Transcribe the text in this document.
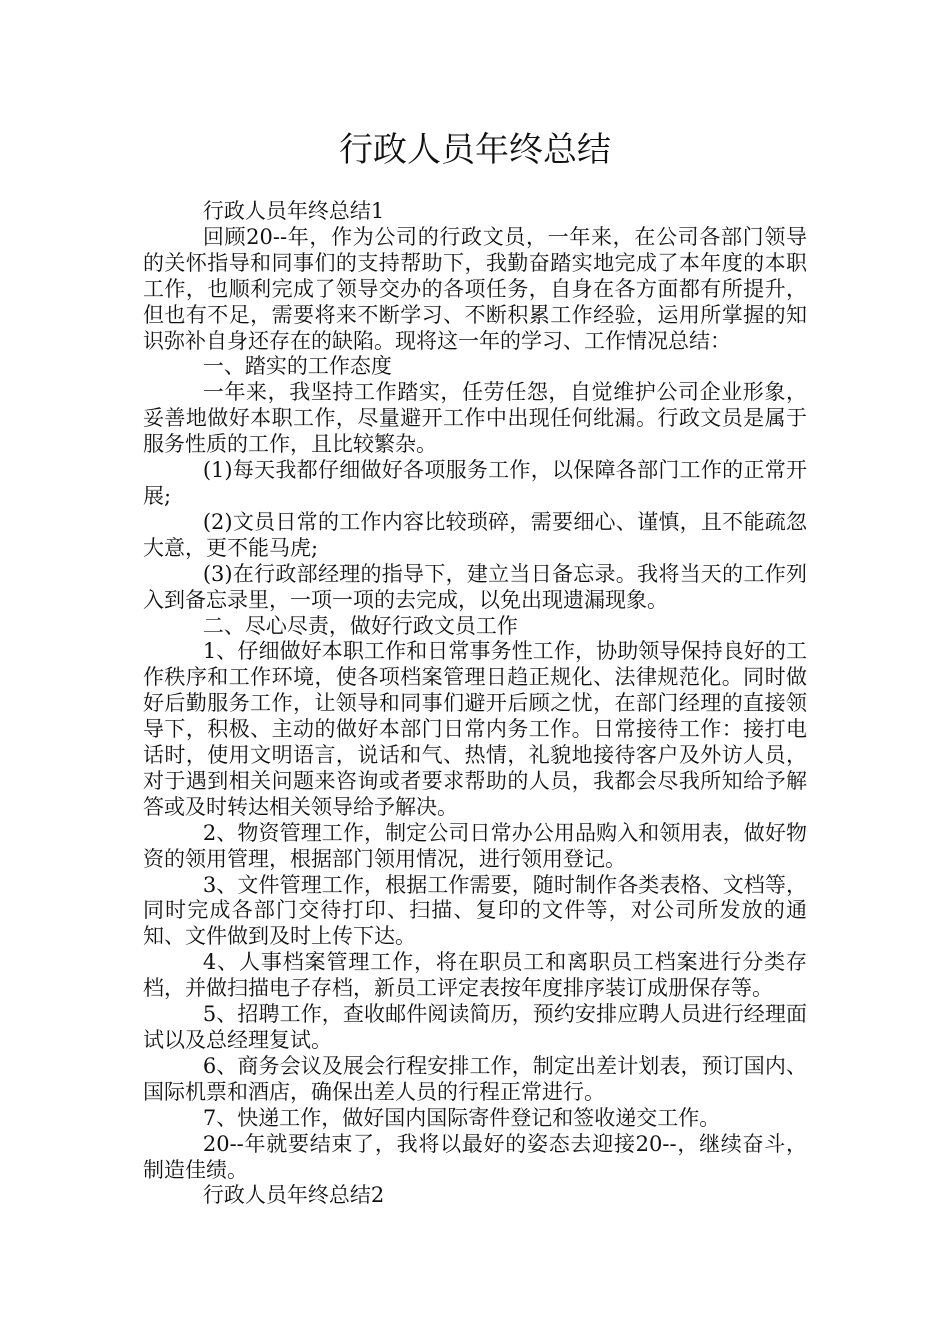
行政人员年终总结

行政人员年终总结1

回顾20--年，作为公司的行政文员，一年来，在公司各部门领导的关怀指导和同事们的支持帮助下，我勤奋踏实地完成了本年度的本职工作，也顺利完成了领导交办的各项任务，自身在各方面都有所提升，但也有不足，需要将来不断学习、不断积累工作经验，运用所掌握的知识弥补自身还存在的缺陷。现将这一年的学习、工作情况总结：

一、踏实的工作态度

一年来，我坚持工作踏实，任劳任怨，自觉维护公司企业形象，妥善地做好本职工作，尽量避开工作中出现任何纰漏。行政文员是属于服务性质的工作，且比较繁杂。

(1)每天我都仔细做好各项服务工作，以保障各部门工作的正常开展;

(2)文员日常的工作内容比较琐碎，需要细心、谨慎，且不能疏忽大意，更不能马虎;

(3)在行政部经理的指导下，建立当日备忘录。我将当天的工作列入到备忘录里，一项一项的去完成，以免出现遗漏现象。

二、尽心尽责，做好行政文员工作

1、仔细做好本职工作和日常事务性工作，协助领导保持良好的工作秩序和工作环境，使各项档案管理日趋正规化、法律规范化。同时做好后勤服务工作，让领导和同事们避开后顾之忧，在部门经理的直接领导下，积极、主动的做好本部门日常内务工作。日常接待工作：接打电话时，使用文明语言，说话和气、热情，礼貌地接待客户及外访人员，对于遇到相关问题来咨询或者要求帮助的人员，我都会尽我所知给予解答或及时转达相关领导给予解决。

2、物资管理工作，制定公司日常办公用品购入和领用表，做好物资的领用管理，根据部门领用情况，进行领用登记。

3、文件管理工作，根据工作需要，随时制作各类表格、文档等，同时完成各部门交待打印、扫描、复印的文件等，对公司所发放的通知、文件做到及时上传下达。

4、人事档案管理工作，将在职员工和离职员工档案进行分类存档，并做扫描电子存档，新员工评定表按年度排序装订成册保存等。

5、招聘工作，查收邮件阅读简历，预约安排应聘人员进行经理面试以及总经理复试。

6、商务会议及展会行程安排工作，制定出差计划表，预订国内、国际机票和酒店，确保出差人员的行程正常进行。

7、快递工作，做好国内国际寄件登记和签收递交工作。

20--年就要结束了，我将以最好的姿态去迎接20--，继续奋斗，制造佳绩。

行政人员年终总结2
